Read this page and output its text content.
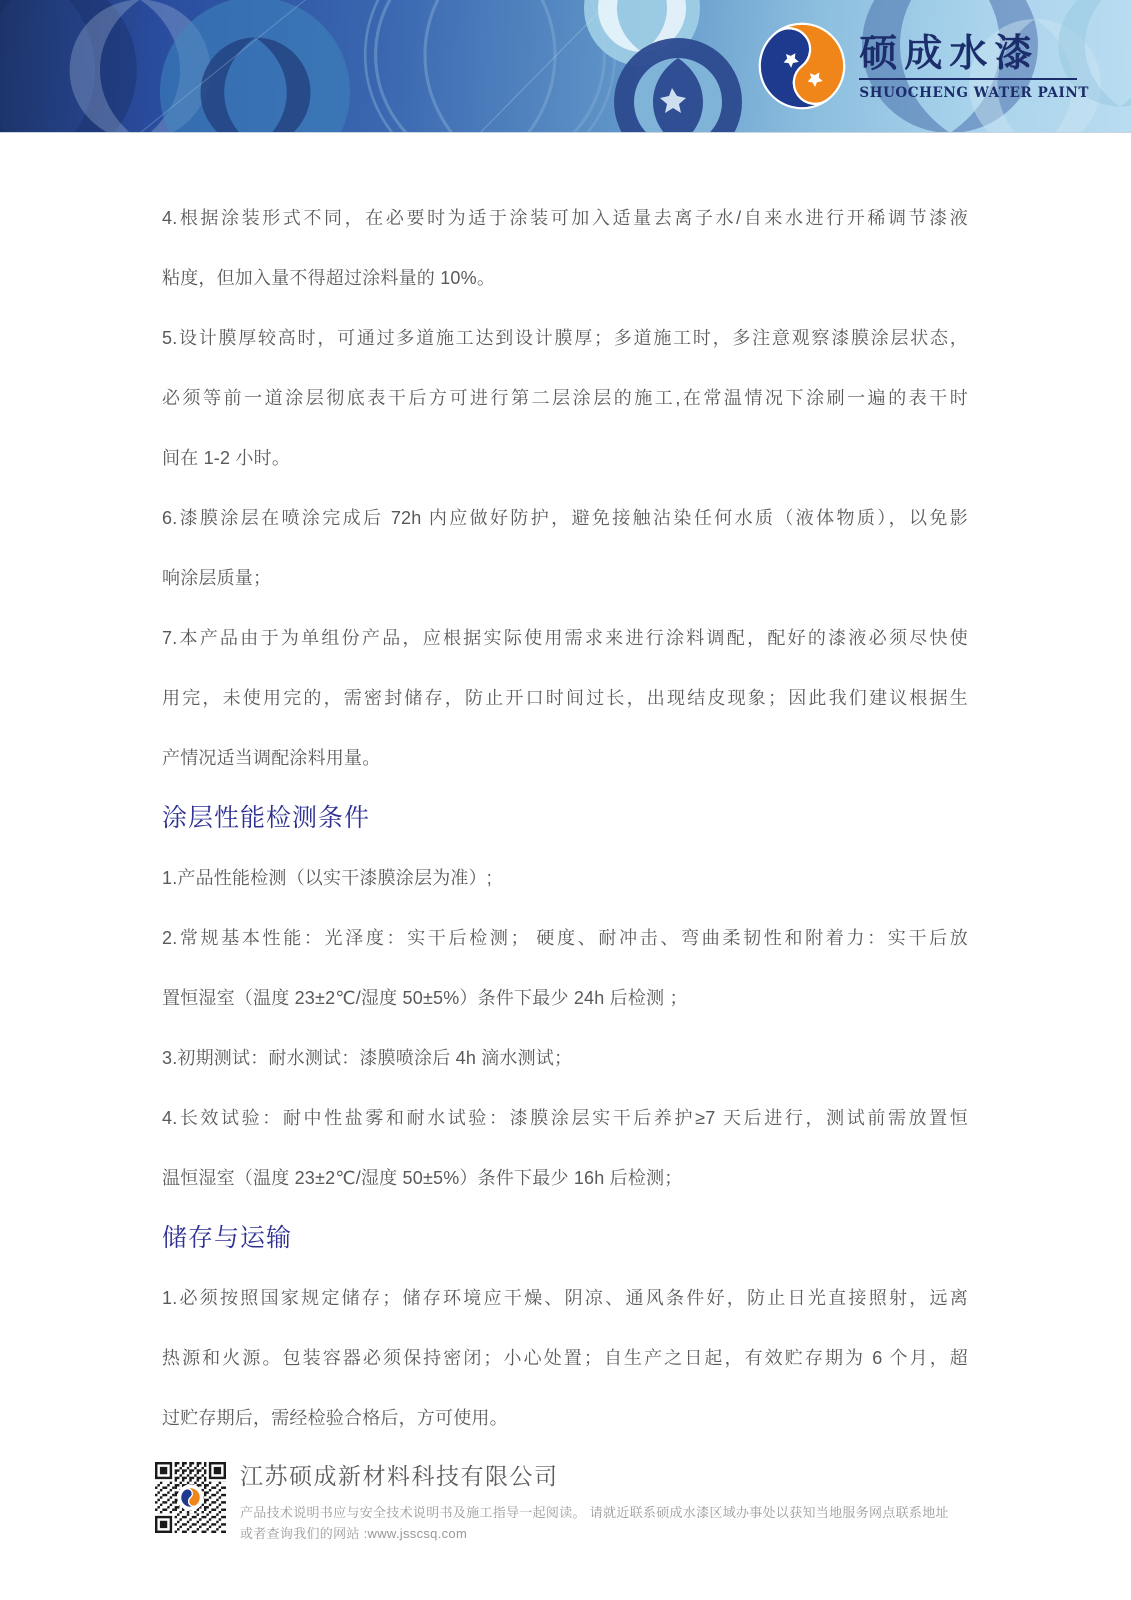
硕成水漆
SHUOCHENG WATER PAINT
4.根据涂装形式不同，在必要时为适于涂装可加入适量去离子水/自来水进行开稀调节漆液
粘度，但加入量不得超过涂料量的 10%。
5.设计膜厚较高时，可通过多道施工达到设计膜厚；多道施工时，多注意观察漆膜涂层状态，
必须等前一道涂层彻底表干后方可进行第二层涂层的施工,在常温情况下涂刷一遍的表干时
间在 1-2 小时。
6.漆膜涂层在喷涂完成后 72h 内应做好防护，避免接触沾染任何水质（液体物质），以免影
响涂层质量；
7.本产品由于为单组份产品，应根据实际使用需求来进行涂料调配，配好的漆液必须尽快使
用完，未使用完的，需密封储存，防止开口时间过长，出现结皮现象；因此我们建议根据生
产情况适当调配涂料用量。
涂层性能检测条件
1.产品性能检测（以实干漆膜涂层为准）;
2.常规基本性能：光泽度：实干后检测； 硬度、耐冲击、弯曲柔韧性和附着力：实干后放
置恒湿室（温度 23±2℃/湿度 50±5%）条件下最少 24h 后检测 ；
3.初期测试：耐水测试：漆膜喷涂后 4h 滴水测试；
4.长效试验：耐中性盐雾和耐水试验：漆膜涂层实干后养护≥7 天后进行，测试前需放置恒
温恒湿室（温度 23±2℃/湿度 50±5%）条件下最少 16h 后检测；
储存与运输
1.必须按照国家规定储存；储存环境应干燥、阴凉、通风条件好，防止日光直接照射，远离
热源和火源。包装容器必须保持密闭；小心处置；自生产之日起，有效贮存期为 6 个月，超
过贮存期后，需经检验合格后，方可使用。
江苏硕成新材料科技有限公司
产品技术说明书应与安全技术说明书及施工指导一起阅读。 请就近联系硕成水漆区域办事处以获知当地服务网点联系地址
或者查询我们的网站 :www.jsscsq.com
